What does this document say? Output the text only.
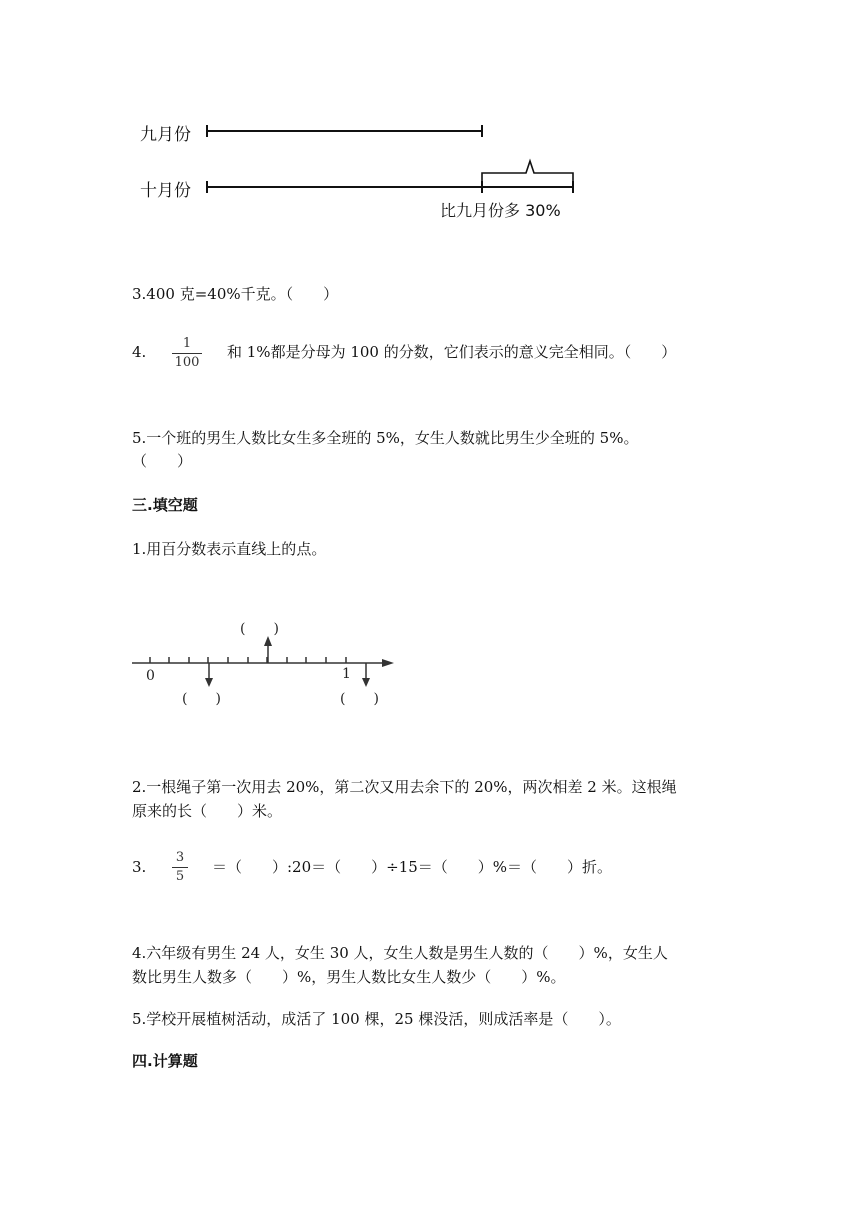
九月份
十月份
比九月份多 30%
3.400 克=40%千克。（　　）
4.	1
100
和 1%都是分母为 100 的分数，它们表示的意义完全相同。（　　）
5.一个班的男生人数比女生多全班的 5%，女生人数就比男生少全班的 5%。
（　　）
三.填空题
1.用百分数表示直线上的点。
0	1
(　　)
(　　)	(　　)
2.一根绳子第一次用去 20%，第二次又用去余下的 20%，两次相差 2 米。这根绳
原来的长（　　）米。
3.
3
5
＝（　　）:20＝（　　）÷15＝（　　）%＝（　　）折。
4.六年级有男生 24 人，女生 30 人，女生人数是男生人数的（　　）%，女生人
数比男生人数多（　　）%，男生人数比女生人数少（　　）%。
5.学校开展植树活动，成活了 100 棵，25 棵没活，则成活率是（　　）。
四.计算题
